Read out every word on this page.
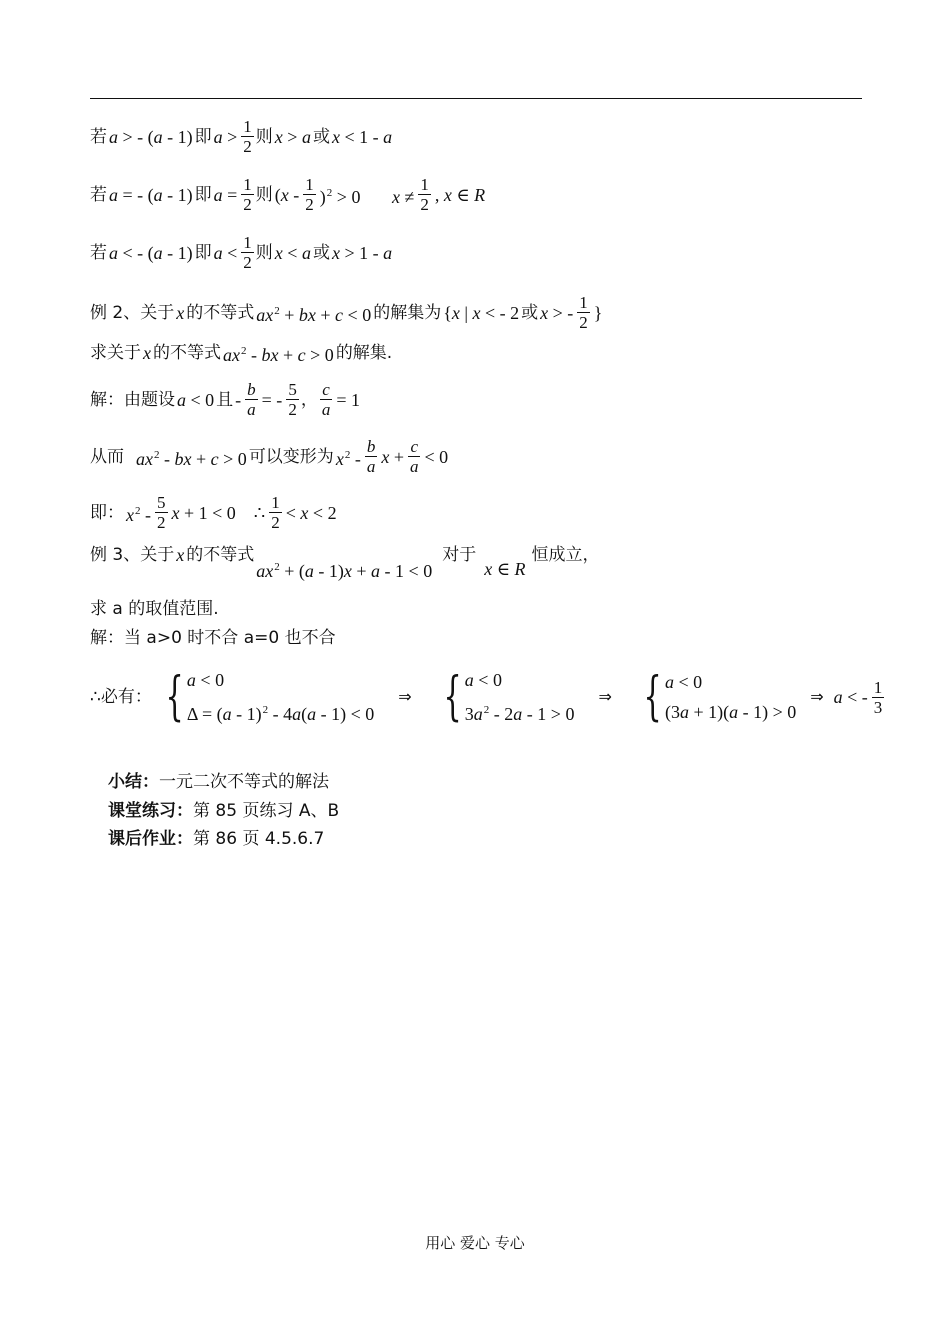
若 a > - (a - 1) 即 $a > \frac{1}{2}$ 则 x > a 或 x < 1 - a
若 a = - (a - 1) 即 $a = \frac{1}{2}$ 则 $(x - \frac{1}{2} )^2 > 0$       $x \ne \frac{1}{2}$ , x ∈ R
若 a < - (a - 1) 即 $a < \frac{1}{2}$ 则 x < a 或 x > 1 - a
例 2、关于 x 的不等式 $ax^2$ + bx + c < 0 的解集为 {x | x < - 2 或 x > - $\frac{1}{2}$ }
求关于 x 的不等式 $ax^2$ - bx + c > 0 的解集.
解：由题设 a < 0 且 - $\frac{b}{a}$ = - $\frac{5}{2}$ ， $\frac{c}{a} = 1$
从而 $ax^2$ - bx + c > 0 可以变形为 $x^2 - \frac{b}{a}$ $x + \frac{c}{a} < 0$
即： $x^2 - \frac{5}{2}$ x + 1 < 0    ∴ $\frac{1}{2} < x < 2$
例 3、关于 x 的不等式
$ax^2 + (a - 1)x + a - 1 < 0$
对于
x ∈ R
恒成立，
求 a 的取值范围.
解：当 a>0 时不合 a=0 也不合
∴必有： { a < 0
Δ = (a - 1)$^2$ - 4a(a - 1) < 0
⇒ { a < 0
$3a^2 - 2a - 1 > 0$
⇒ { a < 0
(3a + 1)(a - 1) > 0
⇒ a < - $\frac{1}{3}$
小结： 一元二次不等式的解法
课堂练习： 第 85 页练习 A、B
课后作业： 第 86 页 4.5.6.7
用心 爱心 专心
